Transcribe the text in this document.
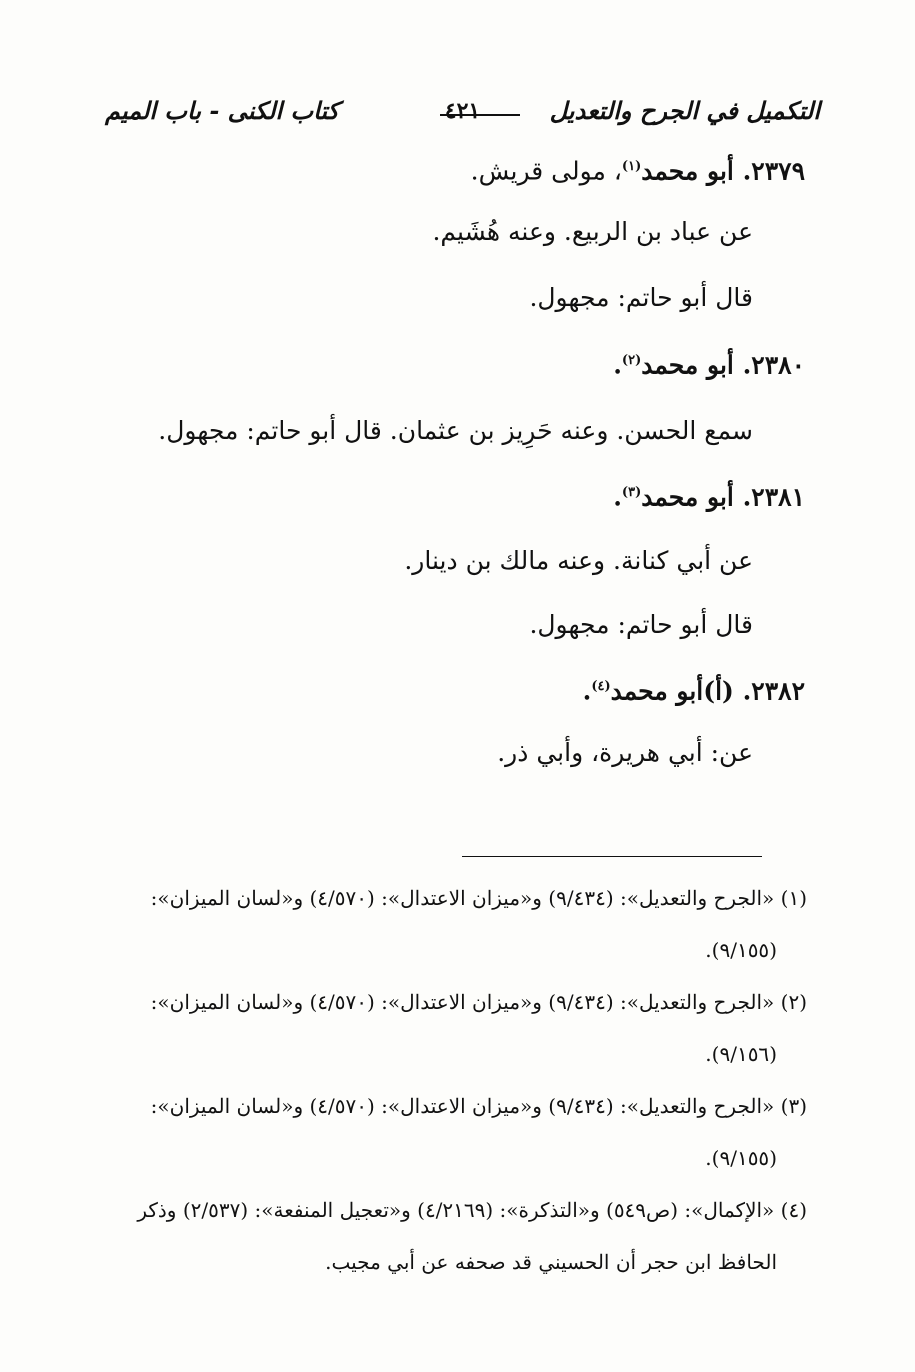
التكميل في الجرح والتعديل
٤٢١
كتاب الكنى - باب الميم
٢٣٧٩. أبو محمد$^{(١)}$، مولى قريش.
عن عباد بن الربيع. وعنه هُشَيم.
قال أبو حاتم: مجهول.
٢٣٨٠. أبو محمد$^{(٢)}$.
سمع الحسن. وعنه حَرِيز بن عثمان. قال أبو حاتم: مجهول.
٢٣٨١. أبو محمد$^{(٣)}$.
عن أبي كنانة. وعنه مالك بن دينار.
قال أبو حاتم: مجهول.
٢٣٨٢. (أ)أبو محمد$^{(٤)}$.
عن: أبي هريرة، وأبي ذر.

(١) «الجرح والتعديل»: (٩/٤٣٤) و«ميزان الاعتدال»: (٤/٥٧٠) و«لسان الميزان»:
(٩/١٥٥).

(٢) «الجرح والتعديل»: (٩/٤٣٤) و«ميزان الاعتدال»: (٤/٥٧٠) و«لسان الميزان»:
(٩/١٥٦).

(٣) «الجرح والتعديل»: (٩/٤٣٤) و«ميزان الاعتدال»: (٤/٥٧٠) و«لسان الميزان»:
(٩/١٥٥).

(٤) «الإكمال»: (ص٥٤٩) و«التذكرة»: (٤/٢١٦٩) و«تعجيل المنفعة»: (٢/٥٣٧) وذكر
الحافظ ابن حجر أن الحسيني قد صحفه عن أبي مجيب.
